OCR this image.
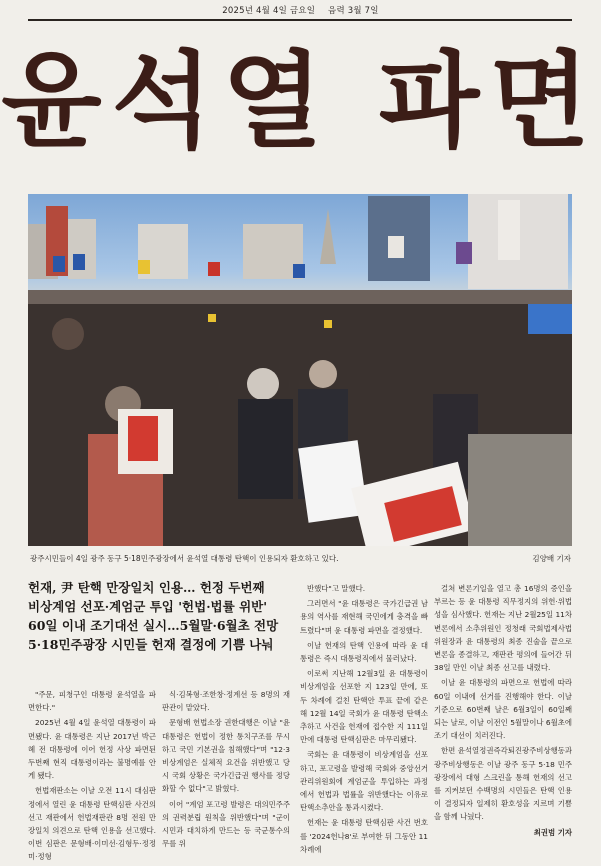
2025년 4월 4일 금요일 음력 3월 7일
윤석열 파면
광주시민들이 4일 광주 동구 5·18민주광장에서 윤석열 대통령 탄핵이 인용되자 환호하고 있다.	김양배 기자
헌재, 尹 탄핵 만장일치 인용… 헌정 두번째
비상계엄 선포·계엄군 투입 '헌법·법률 위반'
60일 이내 조기대선 실시…5월말·6월초 전망
5·18민주광장 시민들 헌재 결정에 기쁨 나눠

"주문, 피청구인 대통령 윤석열을 파면한다."

2025년 4월 4일 윤석열 대통령이 파면됐다. 윤 대통령은 지난 2017년 박근혜 전 대통령에 이어 헌정 사상 파면된 두번째 현직 대통령이라는 불명예를 안게 됐다.

헌법재판소는 이날 오전 11시 대심판정에서 열린 윤 대통령 탄핵심판 사건의 선고 재판에서 헌법재판관 8명 전원 만장일치 의견으로 탄핵 인용을 선고했다. 이번 심판은 문형배·이미선·김형두·정정미·정형

식·김복형·조한창·정계선 등 8명의 재판관이 맡았다.

문형배 헌법소장 권한대행은 이날 "윤 대통령은 헌법이 정한 통치구조를 무시하고 국민 기본권을 침해했다"며 "12·3 비상계엄은 실체적 요건을 위반했고 당시 국회 상황은 국가긴급권 행사를 정당화할 수 없다"고 밝혔다.

이어 "계엄 포고령 발령은 대의민주주의 권력분립 원칙을 위반했다"며 "군이 시민과 대치하게 만드는 등 국군통수의무를 위

반했다"고 말했다.

그러면서 "윤 대통령은 국가긴급권 남용의 역사를 재현해 국민에게 충격을 빠트렸다"며 윤 대통령 파면을 결정했다.

이날 헌재의 탄핵 인용에 따라 윤 대통령은 즉시 대통령직에서 물러났다.

이로써 지난해 12월3일 윤 대통령이 비상계엄을 선포한 지 123일 만에, 또 두 차례에 걸친 탄핵안 투표 끝에 같은 해 12월 14일 국회가 윤 대통령 탄핵소추하고 사건을 헌재에 접수한 지 111일 만에 대통령 탄핵심판은 마무리됐다.

국회는 윤 대통령이 비상계엄을 선포하고, 포고령을 발령해 국회와 중앙선거관리위원회에 계엄군을 투입하는 과정에서 헌법과 법률을 위반했다는 이유로 탄핵소추안을 통과시켰다.

헌재는 윤 대통령 탄핵심판 사건 번호를 '2024헌나8'로 부여한 뒤 그동안 11차례에

걸쳐 변론기일을 열고 총 16명의 증인을 부르는 등 윤 대통령 직무정지의 위헌·위법성을 심사했다. 헌재는 지난 2월25일 11차 변론에서 소추위원인 정청래 국회법제사법위원장과 윤 대통령의 최종 진술을 끝으로 변론을 종결하고, 재판관 평의에 들어간 뒤 38일 만인 이날 최종 선고를 내렸다.

이날 윤 대통령의 파면으로 헌법에 따라 60일 이내에 선거를 진행해야 한다. 이날 기준으로 60번째 날은 6월3일이 60일째 되는 날로, 이날 이전인 5월말이나 6월초에 조기 대선이 치러진다.

한편 윤석열정권즉각퇴진광주비상행동과 광주비상행동은 이날 광주 동구 5·18 민주광장에서 대형 스크린을 통해 헌재의 선고를 지켜보던 수백명의 시민들은 탄핵 인용이 결정되자 일제히 환호성을 지르며 기쁨을 함께 나눴다.

최권범 기자
